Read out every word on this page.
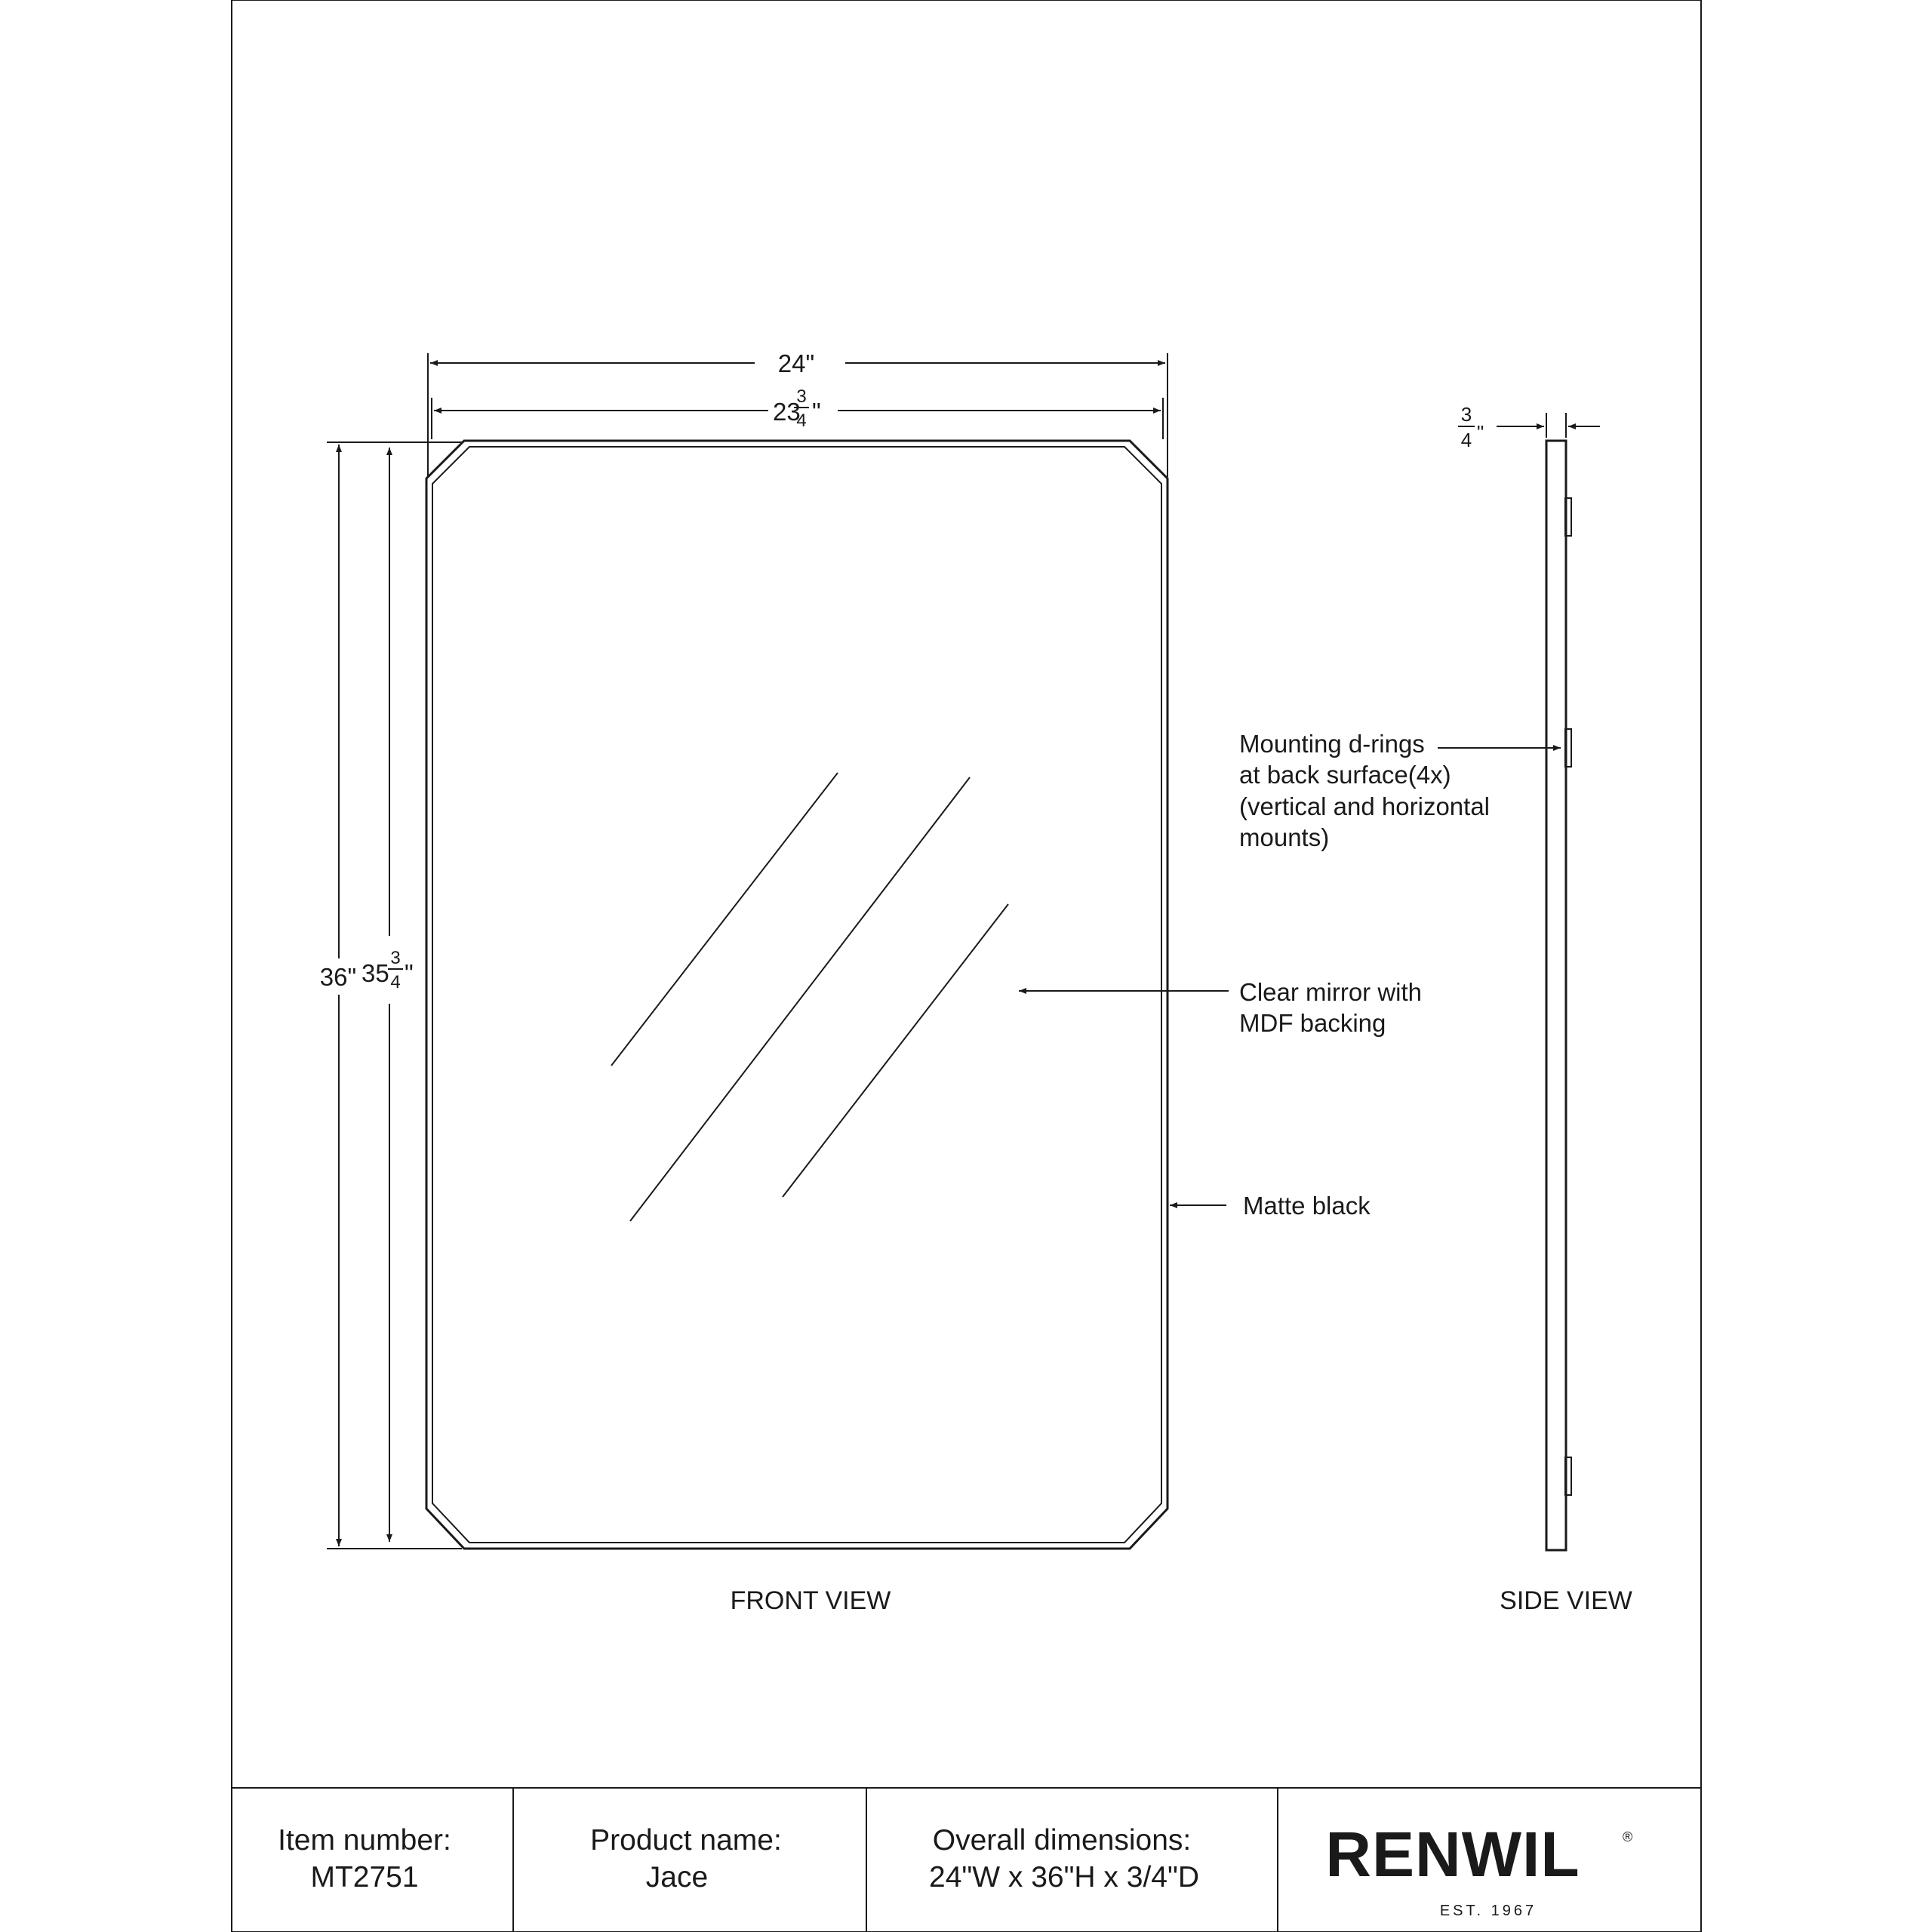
24"
23
3
4 "
36" 35
3
4 "
FRONT VIEW
Mounting d-rings
at back surface(4x)
(vertical and horizontal
mounts)
Clear mirror with
MDF backing
Matte black
3
4 "
SIDE VIEW
Item number:
MT2751
Product name:
Jace
Overall dimensions:
24"W x 36"H x 3/4"D RENWIL	®
EST. 1967
